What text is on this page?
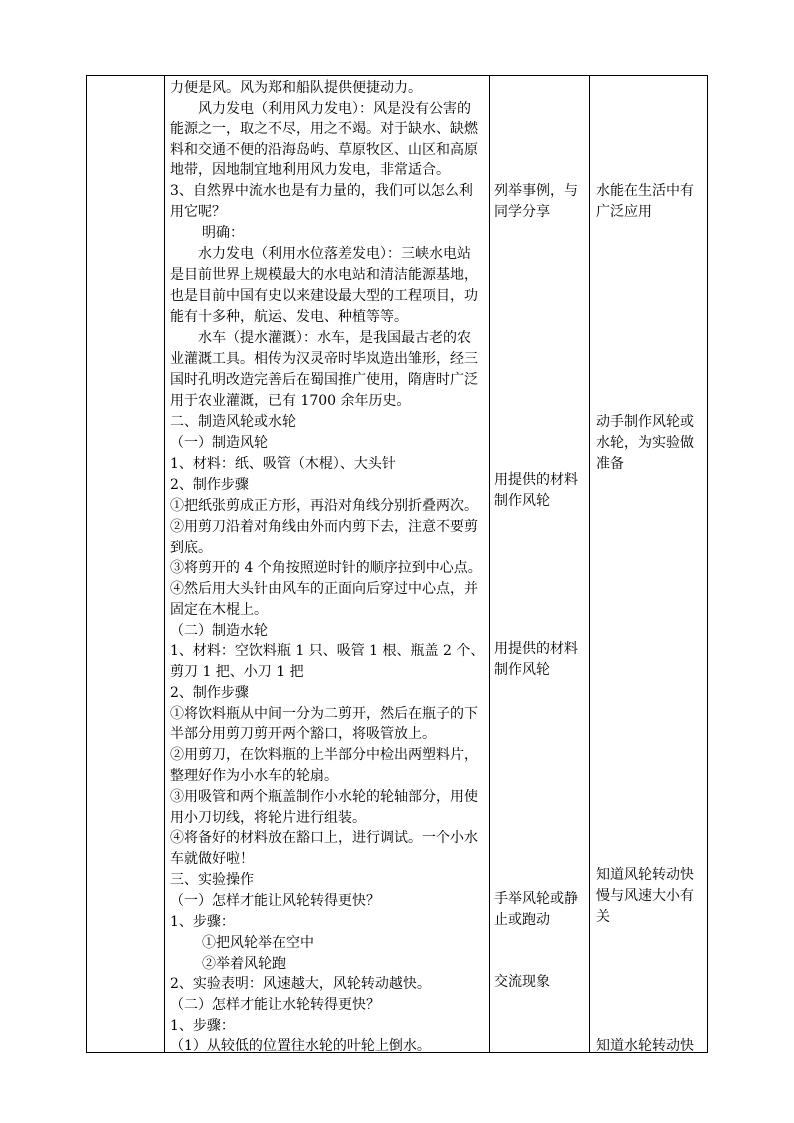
力便是风。风为郑和船队提供便捷动力。
风力发电（利用风力发电）：风是没有公害的
能源之一，取之不尽，用之不竭。对于缺水、缺燃
料和交通不便的沿海岛屿、草原牧区、山区和高原
地带，因地制宜地利用风力发电，非常适合。
3、自然界中流水也是有力量的，我们可以怎么利
用它呢？
明确：
水力发电（利用水位落差发电）：三峡水电站
是目前世界上规模最大的水电站和清洁能源基地，
也是目前中国有史以来建设最大型的工程项目，功
能有十多种，航运、发电、种植等等。
水车（提水灌溉）：水车，是我国最古老的农
业灌溉工具。相传为汉灵帝时毕岚造出雏形，经三
国时孔明改造完善后在蜀国推广使用，隋唐时广泛
用于农业灌溉，已有 1700 余年历史。
二、制造风轮或水轮
（一）制造风轮
1、材料：纸、吸管（木棍）、大头针
2、制作步骤
①把纸张剪成正方形，再沿对角线分别折叠两次。
②用剪刀沿着对角线由外而内剪下去，注意不要剪
到底。
③将剪开的 4 个角按照逆时针的顺序拉到中心点。
④然后用大头针由风车的正面向后穿过中心点，并
固定在木棍上。
（二）制造水轮
1、材料：空饮料瓶 1 只、吸管 1 根、瓶盖 2 个、
剪刀 1 把、小刀 1 把
2、制作步骤
①将饮料瓶从中间一分为二剪开，然后在瓶子的下
半部分用剪刀剪开两个豁口，将吸管放上。
②用剪刀，在饮料瓶的上半部分中检出两塑料片，
整理好作为小水车的轮扇。
③用吸管和两个瓶盖制作小水轮的轮轴部分，用使
用小刀切线，将轮片进行组装。
④将备好的材料放在豁口上，进行调试。一个小水
车就做好啦！
三、实验操作
（一）怎样才能让风轮转得更快？
1、步骤：
①把风轮举在空中
②举着风轮跑
2、实验表明：风速越大，风轮转动越快。
（二）怎样才能让水轮转得更快？
1、步骤：
（1）从较低的位置往水轮的叶轮上倒水。
列举事例，与
同学分享
用提供的材料
制作风轮
用提供的材料
制作风轮
手举风轮或静
止或跑动
交流现象
水能在生活中有
广泛应用
动手制作风轮或
水轮，为实验做
准备
知道风轮转动快
慢与风速大小有
关
知道水轮转动快
